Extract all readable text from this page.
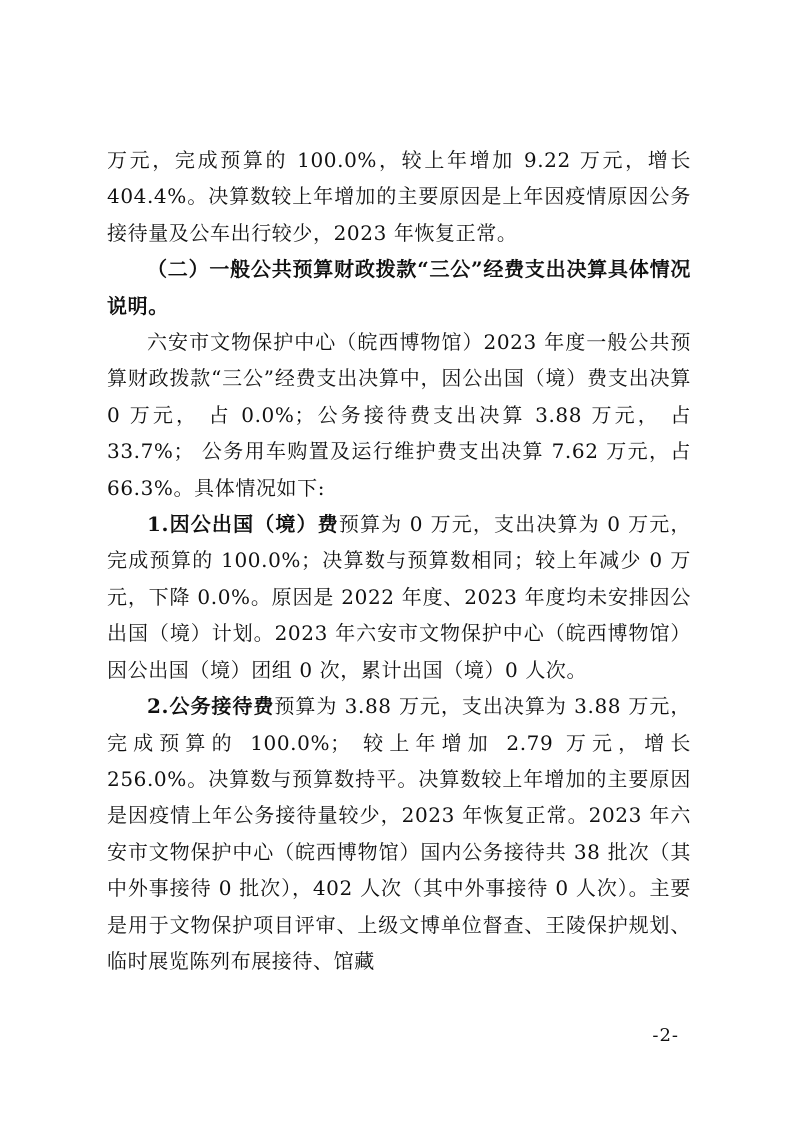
万元，完成预算的 100.0%，较上年增加 9.22 万元，增长 404.4%。决算数较上年增加的主要原因是上年因疫情原因公务接待量及公车出行较少，2023 年恢复正常。

（二）一般公共预算财政拨款“三公”经费支出决算具体情况说明。

六安市文物保护中心（皖西博物馆）2023 年度一般公共预算财政拨款“三公”经费支出决算中，因公出国（境）费支出决算 0 万元， 占 0.0%；公务接待费支出决算 3.88 万元， 占 33.7%； 公务用车购置及运行维护费支出决算 7.62 万元，占 66.3%。具体情况如下:

1.因公出国（境）费预算为 0 万元，支出决算为 0 万元，完成预算的 100.0%；决算数与预算数相同；较上年减少 0 万元，下降 0.0%。原因是 2022 年度、2023 年度均未安排因公出国（境）计划。2023 年六安市文物保护中心（皖西博物馆）因公出国（境）团组 0 次，累计出国（境）0 人次。

2.公务接待费预算为 3.88 万元，支出决算为 3.88 万元，完成预算的 100.0%； 较上年增加 2.79 万元，增长 256.0%。决算数与预算数持平。决算数较上年增加的主要原因是因疫情上年公务接待量较少，2023 年恢复正常。2023 年六安市文物保护中心（皖西博物馆）国内公务接待共 38 批次（其中外事接待 0 批次），402 人次（其中外事接待 0 人次）。主要是用于文物保护项目评审、上级文博单位督查、王陵保护规划、临时展览陈列布展接待、馆藏

-2-
